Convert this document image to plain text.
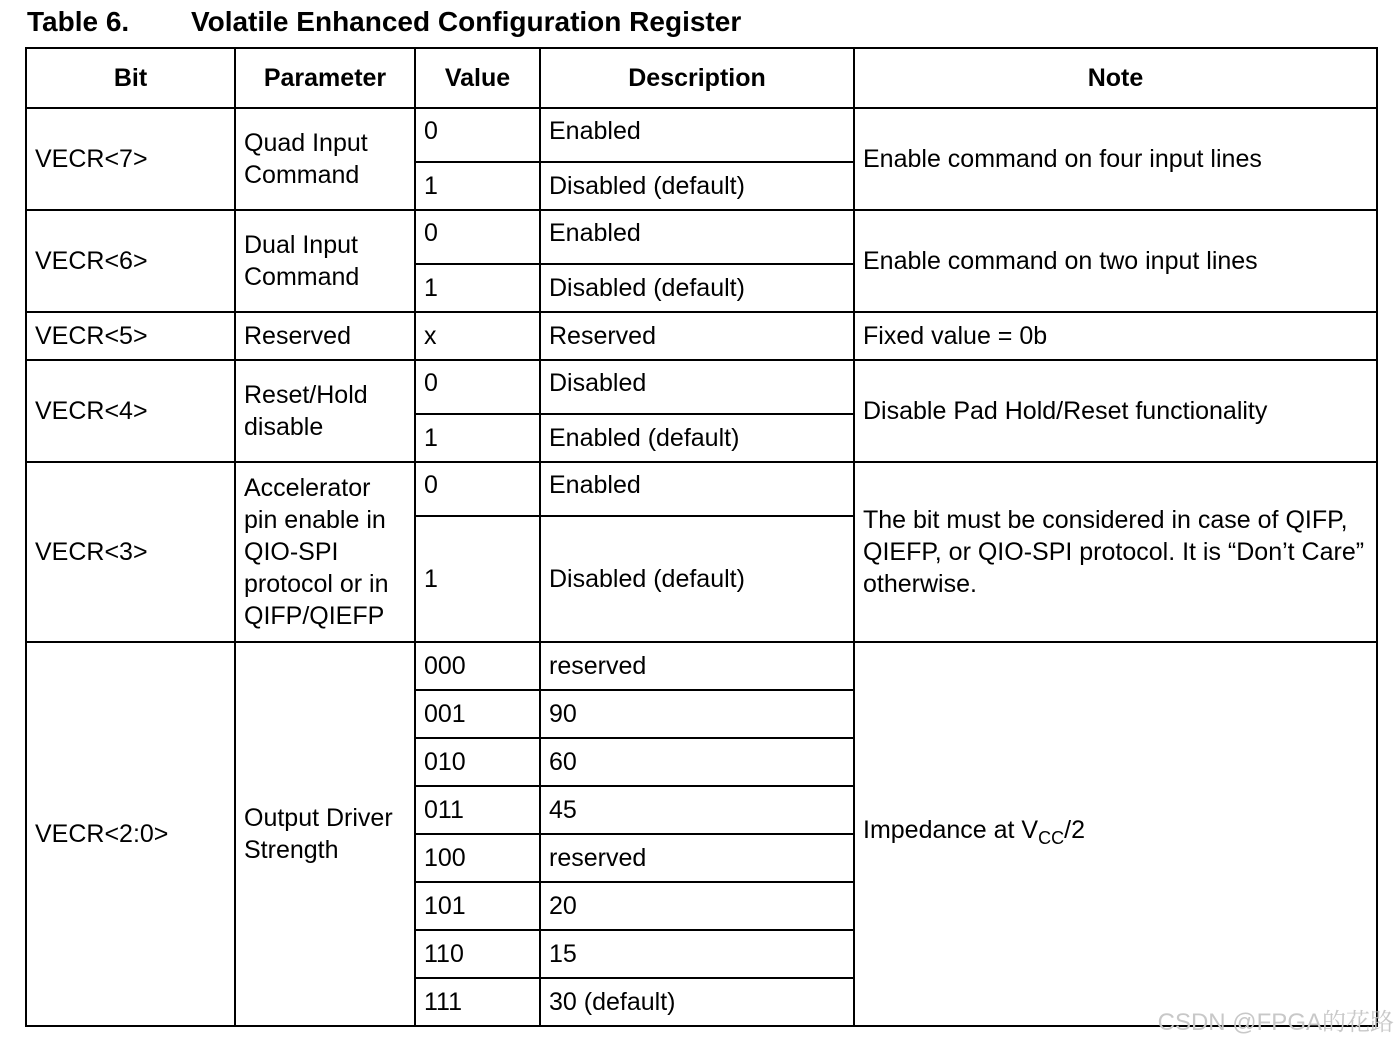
Table 6. Volatile Enhanced Configuration Register
Bit	Parameter	Value	Description	Note
VECR<7>	Quad Input Command	0	Enabled	Enable command on four input lines
		1	Disabled (default)	
VECR<6>	Dual Input Command	0	Enabled	Enable command on two input lines
		1	Disabled (default)	
VECR<5>	Reserved	x	Reserved	Fixed value = 0b
VECR<4>	Reset/Hold disable	0	Disabled	Disable Pad Hold/Reset functionality
		1	Enabled (default)	
VECR<3>	Accelerator pin enable in QIO-SPI protocol or in QIFP/QIEFP	0	Enabled	The bit must be considered in case of QIFP, QIEFP, or QIO-SPI protocol. It is “Don’t Care” otherwise.
		1	Disabled (default)	
VECR<2:0>	Output Driver Strength	000	reserved	Impedance at $V_{CC}/2$
		001	90	
		010	60	
		011	45	
		100	reserved	
		101	20	
		110	15	
		111	30 (default)	
CSDN @FPGA的花路
